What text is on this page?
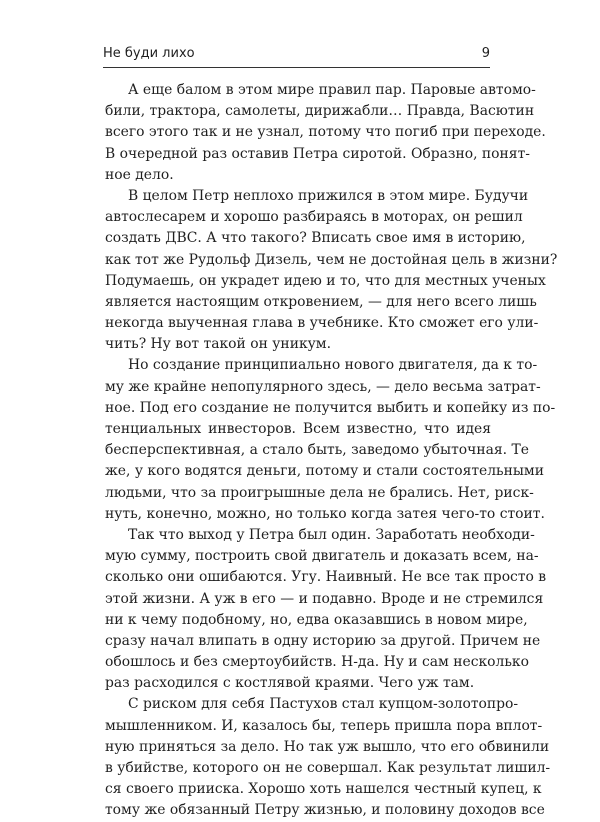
Не буди лихо	9
А еще балом в этом мире правил пар. Паровые автомо-
били, трактора, самолеты, дирижабли… Правда, Васютин
всего этого так и не узнал, потому что погиб при переходе.
В очередной раз оставив Петра сиротой. Образно, понят-
ное дело.
В целом Петр неплохо прижился в этом мире. Будучи
автослесарем и хорошо разбираясь в моторах, он решил
создать ДВС. А что такого? Вписать свое имя в историю,
как тот же Рудольф Дизель, чем не достойная цель в жизни?
Подумаешь, он украдет идею и то, что для местных ученых
является настоящим откровением, — для него всего лишь
некогда выученная глава в учебнике. Кто сможет его ули-
чить? Ну вот такой он уникум.
Но создание принципиально нового двигателя, да к то-
му же крайне непопулярного здесь, — дело весьма затрат-
ное. Под его создание не получится выбить и копейку из по-
тенциальных инвесторов. Всем известно, что идея
бесперспективная, а стало быть, заведомо убыточная. Те
же, у кого водятся деньги, потому и стали состоятельными
людьми, что за проигрышные дела не брались. Нет, риск-
нуть, конечно, можно, но только когда затея чего-то стоит.
Так что выход у Петра был один. Заработать необходи-
мую сумму, построить свой двигатель и доказать всем, на-
сколько они ошибаются. Угу. Наивный. Не все так просто в
этой жизни. А уж в его — и подавно. Вроде и не стремился
ни к чему подобному, но, едва оказавшись в новом мире,
сразу начал влипать в одну историю за другой. Причем не
обошлось и без смертоубийств. Н-да. Ну и сам несколько
раз расходился с костлявой краями. Чего уж там.
С риском для себя Пастухов стал купцом-золотопро-
мышленником. И, казалось бы, теперь пришла пора вплот-
ную приняться за дело. Но так уж вышло, что его обвинили
в убийстве, которого он не совершал. Как результат лишил-
ся своего прииска. Хорошо хоть нашелся честный купец, к
тому же обязанный Петру жизнью, и половину доходов все
